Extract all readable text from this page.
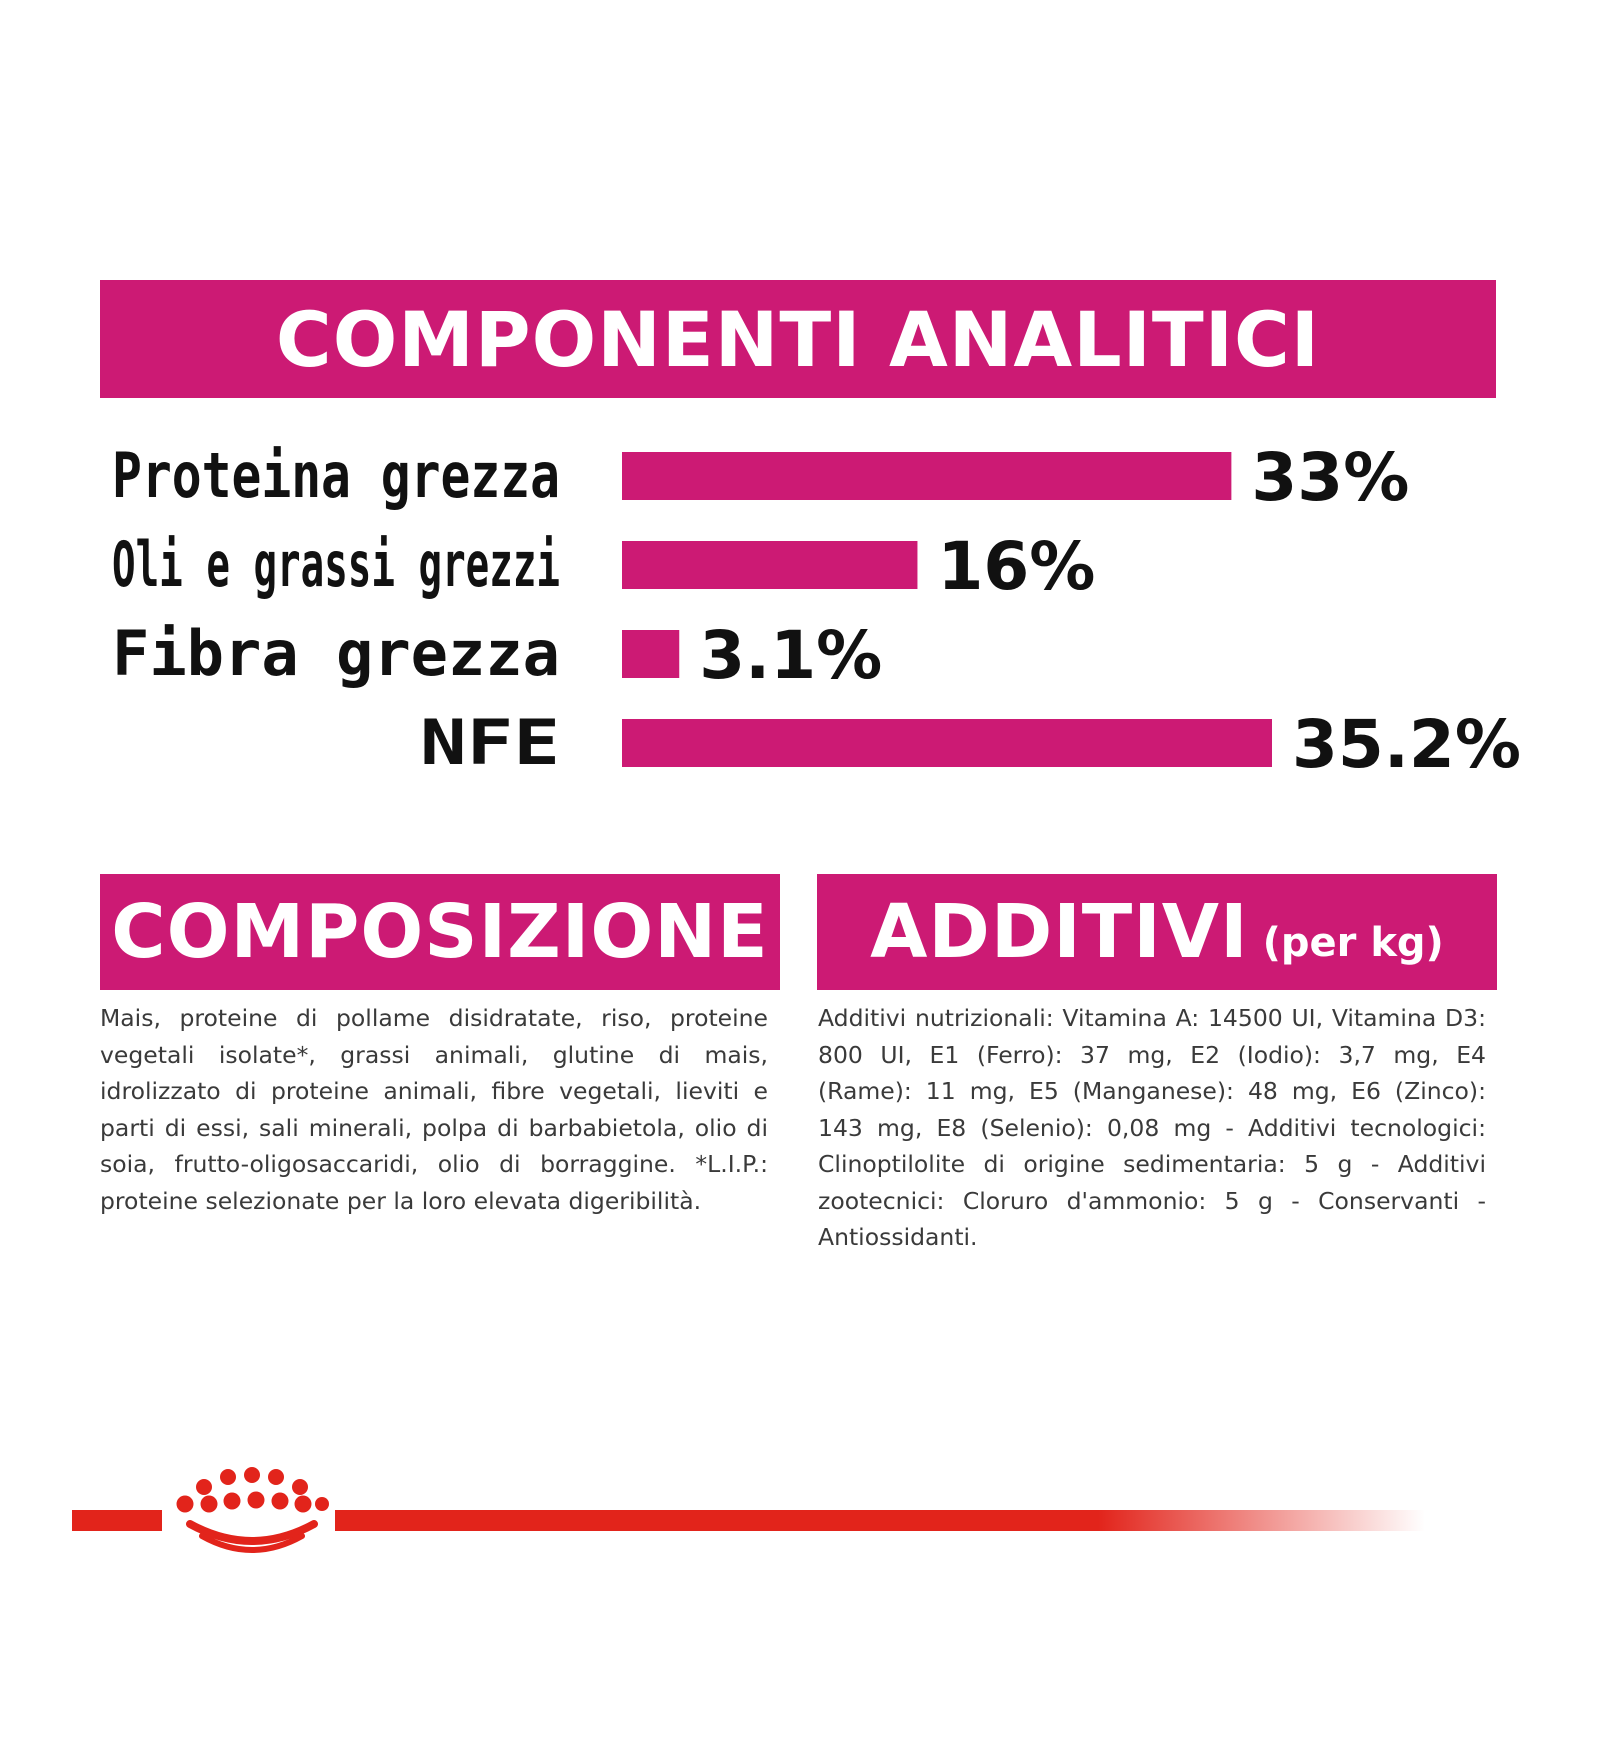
COMPONENTI ANALITICI
Proteina grezza	33%
Oli e grassi grezzi	16%
Fibra grezza 3.1%
NFE	35.2%
COMPOSIZIONE ADDITIVI (per kg)

Mais, proteine di pollame disidratate, riso, proteine vegetali isolate*, grassi animali, glutine di mais, idrolizzato di proteine animali, fibre vegetali, lieviti e parti di essi, sali minerali, polpa di barbabietola, olio di soia, frutto-oligosaccaridi, olio di borraggine. *L.I.P.: proteine selezionate per la loro elevata digeribilità.

Additivi nutrizionali: Vitamina A: 14500 UI, Vitamina D3: 800 UI, E1 (Ferro): 37 mg, E2 (Iodio): 3,7 mg, E4 (Rame): 11 mg, E5 (Manganese): 48 mg, E6 (Zinco): 143 mg, E8 (Selenio): 0,08 mg - Additivi tecnologici: Clinoptilolite di origine sedimentaria: 5 g - Additivi zootecnici: Cloruro d'ammonio: 5 g - Conservanti - Antiossidanti.
